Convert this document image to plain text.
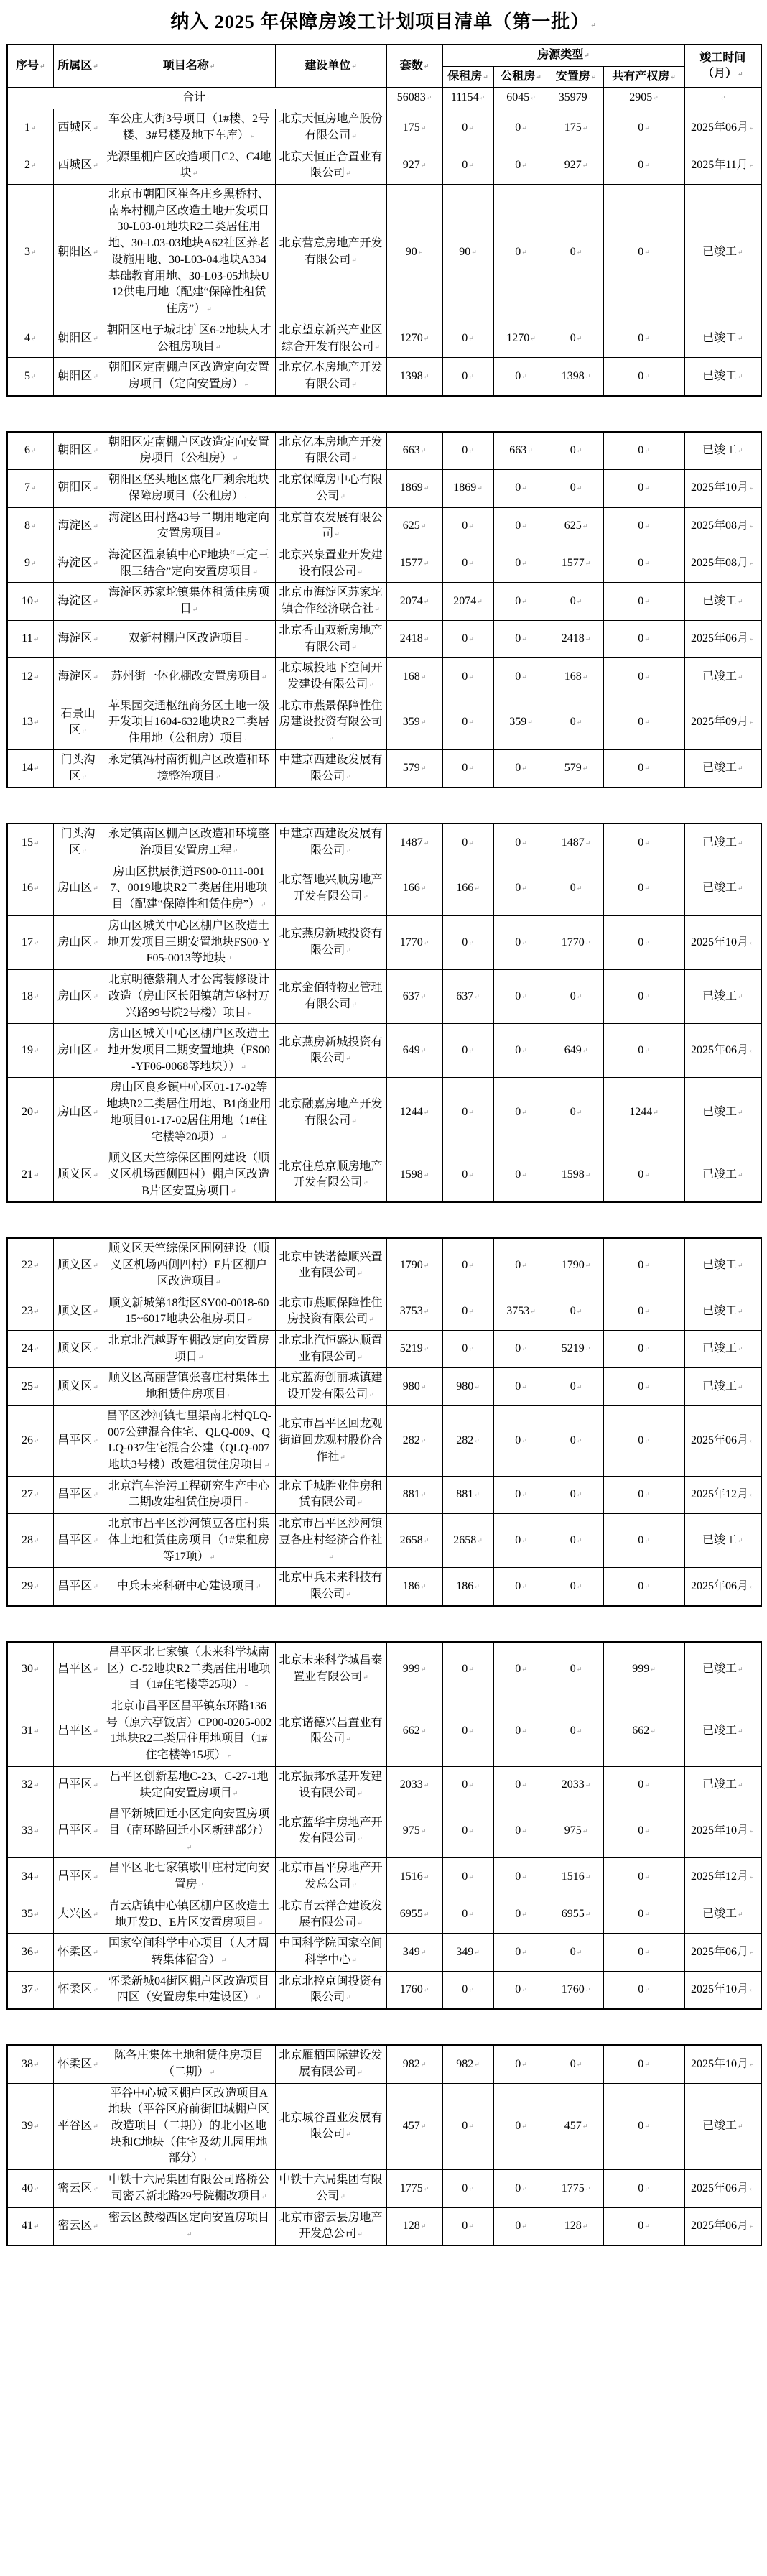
纳入 2025 年保障房竣工计划项目清单（第一批） ↵
序号 ↵	所属区 ↵	项目名称 ↵	建设单位 ↵	套数 ↵	房源类型 ↵				竣工时间（月） ↵
					保租房 ↵	公租房 ↵	安置房 ↵	共有产权房 ↵
合计 ↵				56083 ↵	11154 ↵	6045 ↵	35979 ↵	2905 ↵	↵
1 ↵	西城区 ↵	车公庄大街3号项目（1#楼、2号楼、3#号楼及地下车库） ↵	北京天恒房地产股份有限公司 ↵	175 ↵	0 ↵	0 ↵	175 ↵	0 ↵	2025年06月 ↵
2 ↵	西城区 ↵	光源里棚户区改造项目C2、C4地块 ↵	北京天恒正合置业有限公司 ↵	927 ↵	0 ↵	0 ↵	927 ↵	0 ↵	2025年11月 ↵
3 ↵	朝阳区 ↵	北京市朝阳区崔各庄乡黑桥村、南皋村棚户区改造土地开发项目30-L03-01地块R2二类居住用地、30-L03-03地块A62社区养老设施用地、30-L03-04地块A334基础教育用地、30-L03-05地块U12供电用地（配建“保障性租赁住房”） ↵	北京营意房地产开发有限公司 ↵	90 ↵	90 ↵	0 ↵	0 ↵	0 ↵	已竣工 ↵
4 ↵	朝阳区 ↵	朝阳区电子城北扩区6-2地块人才公租房项目 ↵	北京望京新兴产业区综合开发有限公司 ↵	1270 ↵	0 ↵	1270 ↵	0 ↵	0 ↵	已竣工 ↵
5 ↵	朝阳区 ↵	朝阳区定南棚户区改造定向安置房项目（定向安置房） ↵	北京亿本房地产开发有限公司 ↵	1398 ↵	0 ↵	0 ↵	1398 ↵	0 ↵	已竣工 ↵
6 ↵	朝阳区 ↵	朝阳区定南棚户区改造定向安置房项目（公租房） ↵	北京亿本房地产开发有限公司 ↵	663 ↵	0 ↵	663 ↵	0 ↵	0 ↵	已竣工 ↵
7 ↵	朝阳区 ↵	朝阳区垡头地区焦化厂剩余地块保障房项目（公租房） ↵	北京保障房中心有限公司 ↵	1869 ↵	1869 ↵	0 ↵	0 ↵	0 ↵	2025年10月 ↵
8 ↵	海淀区 ↵	海淀区田村路43号二期用地定向安置房项目 ↵	北京首农发展有限公司 ↵	625 ↵	0 ↵	0 ↵	625 ↵	0 ↵	2025年08月 ↵
9 ↵	海淀区 ↵	海淀区温泉镇中心F地块“三定三限三结合”定向安置房项目 ↵	北京兴泉置业开发建设有限公司 ↵	1577 ↵	0 ↵	0 ↵	1577 ↵	0 ↵	2025年08月 ↵
10 ↵	海淀区 ↵	海淀区苏家坨镇集体租赁住房项目 ↵	北京市海淀区苏家坨镇合作经济联合社 ↵	2074 ↵	2074 ↵	0 ↵	0 ↵	0 ↵	已竣工 ↵
11 ↵	海淀区 ↵	双新村棚户区改造项目 ↵	北京香山双新房地产有限公司 ↵	2418 ↵	0 ↵	0 ↵	2418 ↵	0 ↵	2025年06月 ↵
12 ↵	海淀区 ↵	苏州街一体化棚改安置房项目 ↵	北京城投地下空间开发建设有限公司 ↵	168 ↵	0 ↵	0 ↵	168 ↵	0 ↵	已竣工 ↵
13 ↵	石景山区 ↵	苹果园交通枢纽商务区土地一级开发项目1604-632地块R2二类居住用地（公租房）项目 ↵	北京市燕景保障性住房建设投资有限公司 ↵	359 ↵	0 ↵	359 ↵	0 ↵	0 ↵	2025年09月 ↵
14 ↵	门头沟区 ↵	永定镇冯村南街棚户区改造和环境整治项目 ↵	中建京西建设发展有限公司 ↵	579 ↵	0 ↵	0 ↵	579 ↵	0 ↵	已竣工 ↵
15 ↵	门头沟区 ↵	永定镇南区棚户区改造和环境整治项目安置房工程 ↵	中建京西建设发展有限公司 ↵	1487 ↵	0 ↵	0 ↵	1487 ↵	0 ↵	已竣工 ↵
16 ↵	房山区 ↵	房山区拱辰街道FS00-0111-0017、0019地块R2二类居住用地项目（配建“保障性租赁住房”） ↵	北京智地兴顺房地产开发有限公司 ↵	166 ↵	166 ↵	0 ↵	0 ↵	0 ↵	已竣工 ↵
17 ↵	房山区 ↵	房山区城关中心区棚户区改造土地开发项目三期安置地块FS00-YF05-0013等地块 ↵	北京燕房新城投资有限公司 ↵	1770 ↵	0 ↵	0 ↵	1770 ↵	0 ↵	2025年10月 ↵
18 ↵	房山区 ↵	北京明德紫荆人才公寓装修设计改造（房山区长阳镇葫芦垡村万兴路99号院2号楼）项目 ↵	北京金佰特物业管理有限公司 ↵	637 ↵	637 ↵	0 ↵	0 ↵	0 ↵	已竣工 ↵
19 ↵	房山区 ↵	房山区城关中心区棚户区改造土地开发项目二期安置地块（FS00-YF06-0068等地块）） ↵	北京燕房新城投资有限公司 ↵	649 ↵	0 ↵	0 ↵	649 ↵	0 ↵	2025年06月 ↵
20 ↵	房山区 ↵	房山区良乡镇中心区01-17-02等地块R2二类居住用地、B1商业用地项目01-17-02居住用地（1#住宅楼等20项） ↵	北京融嘉房地产开发有限公司 ↵	1244 ↵	0 ↵	0 ↵	0 ↵	1244 ↵	已竣工 ↵
21 ↵	顺义区 ↵	顺义区天竺综保区围网建设（顺义区机场西侧四村）棚户区改造B片区安置房项目 ↵	北京住总京顺房地产开发有限公司 ↵	1598 ↵	0 ↵	0 ↵	1598 ↵	0 ↵	已竣工 ↵
22 ↵	顺义区 ↵	顺义区天竺综保区围网建设（顺义区机场西侧四村）E片区棚户区改造项目 ↵	北京中铁诺德顺兴置业有限公司 ↵	1790 ↵	0 ↵	0 ↵	1790 ↵	0 ↵	已竣工 ↵
23 ↵	顺义区 ↵	顺义新城第18街区SY00-0018-6015~6017地块公租房项目 ↵	北京市燕顺保障性住房投资有限公司 ↵	3753 ↵	0 ↵	3753 ↵	0 ↵	0 ↵	已竣工 ↵
24 ↵	顺义区 ↵	北京北汽越野车棚改定向安置房项目 ↵	北京北汽恒盛达顺置业有限公司 ↵	5219 ↵	0 ↵	0 ↵	5219 ↵	0 ↵	已竣工 ↵
25 ↵	顺义区 ↵	顺义区高丽营镇张喜庄村集体土地租赁住房项目 ↵	北京蓝海创丽城镇建设开发有限公司 ↵	980 ↵	980 ↵	0 ↵	0 ↵	0 ↵	已竣工 ↵
26 ↵	昌平区 ↵	昌平区沙河镇七里渠南北村QLQ-007公建混合住宅、QLQ-009、QLQ-037住宅混合公建（QLQ-007地块3号楼）改建租赁住房项目 ↵	北京市昌平区回龙观街道回龙观村股份合作社 ↵	282 ↵	282 ↵	0 ↵	0 ↵	0 ↵	2025年06月 ↵
27 ↵	昌平区 ↵	北京汽车治污工程研究生产中心二期改建租赁住房项目 ↵	北京千城胜业住房租赁有限公司 ↵	881 ↵	881 ↵	0 ↵	0 ↵	0 ↵	2025年12月 ↵
28 ↵	昌平区 ↵	北京市昌平区沙河镇豆各庄村集体土地租赁住房项目（1#集租房等17项） ↵	北京市昌平区沙河镇豆各庄村经济合作社 ↵	2658 ↵	2658 ↵	0 ↵	0 ↵	0 ↵	已竣工 ↵
29 ↵	昌平区 ↵	中兵未来科研中心建设项目 ↵	北京中兵未来科技有限公司 ↵	186 ↵	186 ↵	0 ↵	0 ↵	0 ↵	2025年06月 ↵
30 ↵	昌平区 ↵	昌平区北七家镇（未来科学城南区）C-52地块R2二类居住用地项目（1#住宅楼等25项） ↵	北京未来科学城昌泰置业有限公司 ↵	999 ↵	0 ↵	0 ↵	0 ↵	999 ↵	已竣工 ↵
31 ↵	昌平区 ↵	北京市昌平区昌平镇东环路136号（原六亭饭店）CP00-0205-0021地块R2二类居住用地项目（1#住宅楼等15项） ↵	北京诺德兴昌置业有限公司 ↵	662 ↵	0 ↵	0 ↵	0 ↵	662 ↵	已竣工 ↵
32 ↵	昌平区 ↵	昌平区创新基地C-23、C-27-1地块定向安置房项目 ↵	北京振邦承基开发建设有限公司 ↵	2033 ↵	0 ↵	0 ↵	2033 ↵	0 ↵	已竣工 ↵
33 ↵	昌平区 ↵	昌平新城回迁小区定向安置房项目（南环路回迁小区新建部分） ↵	北京蓝华宇房地产开发有限公司 ↵	975 ↵	0 ↵	0 ↵	975 ↵	0 ↵	2025年10月 ↵
34 ↵	昌平区 ↵	昌平区北七家镇歇甲庄村定向安置房 ↵	北京市昌平房地产开发总公司 ↵	1516 ↵	0 ↵	0 ↵	1516 ↵	0 ↵	2025年12月 ↵
35 ↵	大兴区 ↵	青云店镇中心镇区棚户区改造土地开发D、E片区安置房项目 ↵	北京青云祥合建设发展有限公司 ↵	6955 ↵	0 ↵	0 ↵	6955 ↵	0 ↵	已竣工 ↵
36 ↵	怀柔区 ↵	国家空间科学中心项目（人才周转集体宿舍） ↵	中国科学院国家空间科学中心 ↵	349 ↵	349 ↵	0 ↵	0 ↵	0 ↵	2025年06月 ↵
37 ↵	怀柔区 ↵	怀柔新城04街区棚户区改造项目四区（安置房集中建设区） ↵	北京北控京闽投资有限公司 ↵	1760 ↵	0 ↵	0 ↵	1760 ↵	0 ↵	2025年10月 ↵
38 ↵	怀柔区 ↵	陈各庄集体土地租赁住房项目（二期） ↵	北京雁栖国际建设发展有限公司 ↵	982 ↵	982 ↵	0 ↵	0 ↵	0 ↵	2025年10月 ↵
39 ↵	平谷区 ↵	平谷中心城区棚户区改造项目A地块（平谷区府前街旧城棚户区改造项目（二期））的北小区地块和C地块（住宅及幼儿园用地部分） ↵	北京城谷置业发展有限公司 ↵	457 ↵	0 ↵	0 ↵	457 ↵	0 ↵	已竣工 ↵
40 ↵	密云区 ↵	中铁十六局集团有限公司路桥公司密云新北路29号院棚改项目 ↵	中铁十六局集团有限公司 ↵	1775 ↵	0 ↵	0 ↵	1775 ↵	0 ↵	2025年06月 ↵
41 ↵	密云区 ↵	密云区鼓楼西区定向安置房项目 ↵	北京市密云县房地产开发总公司 ↵	128 ↵	0 ↵	0 ↵	128 ↵	0 ↵	2025年06月 ↵
